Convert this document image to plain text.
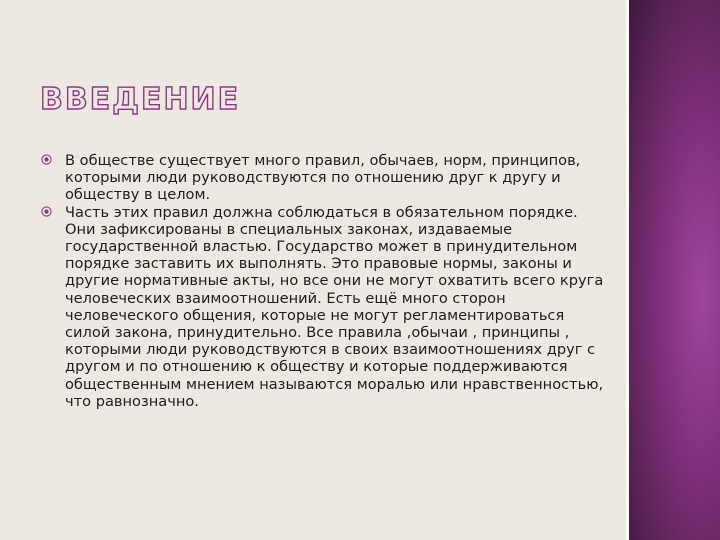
ВВЕДЕНИЕ
В обществе существует много правил, обычаев, норм, принципов, которыми люди руководствуются по отношению друг к другу и обществу в целом.
Часть этих правил должна соблюдаться в обязательном порядке. Они зафиксированы в специальных законах, издаваемые государственной властью. Государство может в принудительном порядке заставить их выполнять. Это правовые нормы, законы и другие нормативные акты, но все они не могут охватить всего круга человеческих взаимоотношений. Есть ещё много сторон человеческого общения, которые не могут регламентироваться силой закона, принудительно. Все правила ,обычаи , принципы , которыми люди руководствуются в своих взаимоотношениях друг с другом и по отношению к обществу и которые поддерживаются общественным мнением называются моралью или нравственностью, что равнозначно.
